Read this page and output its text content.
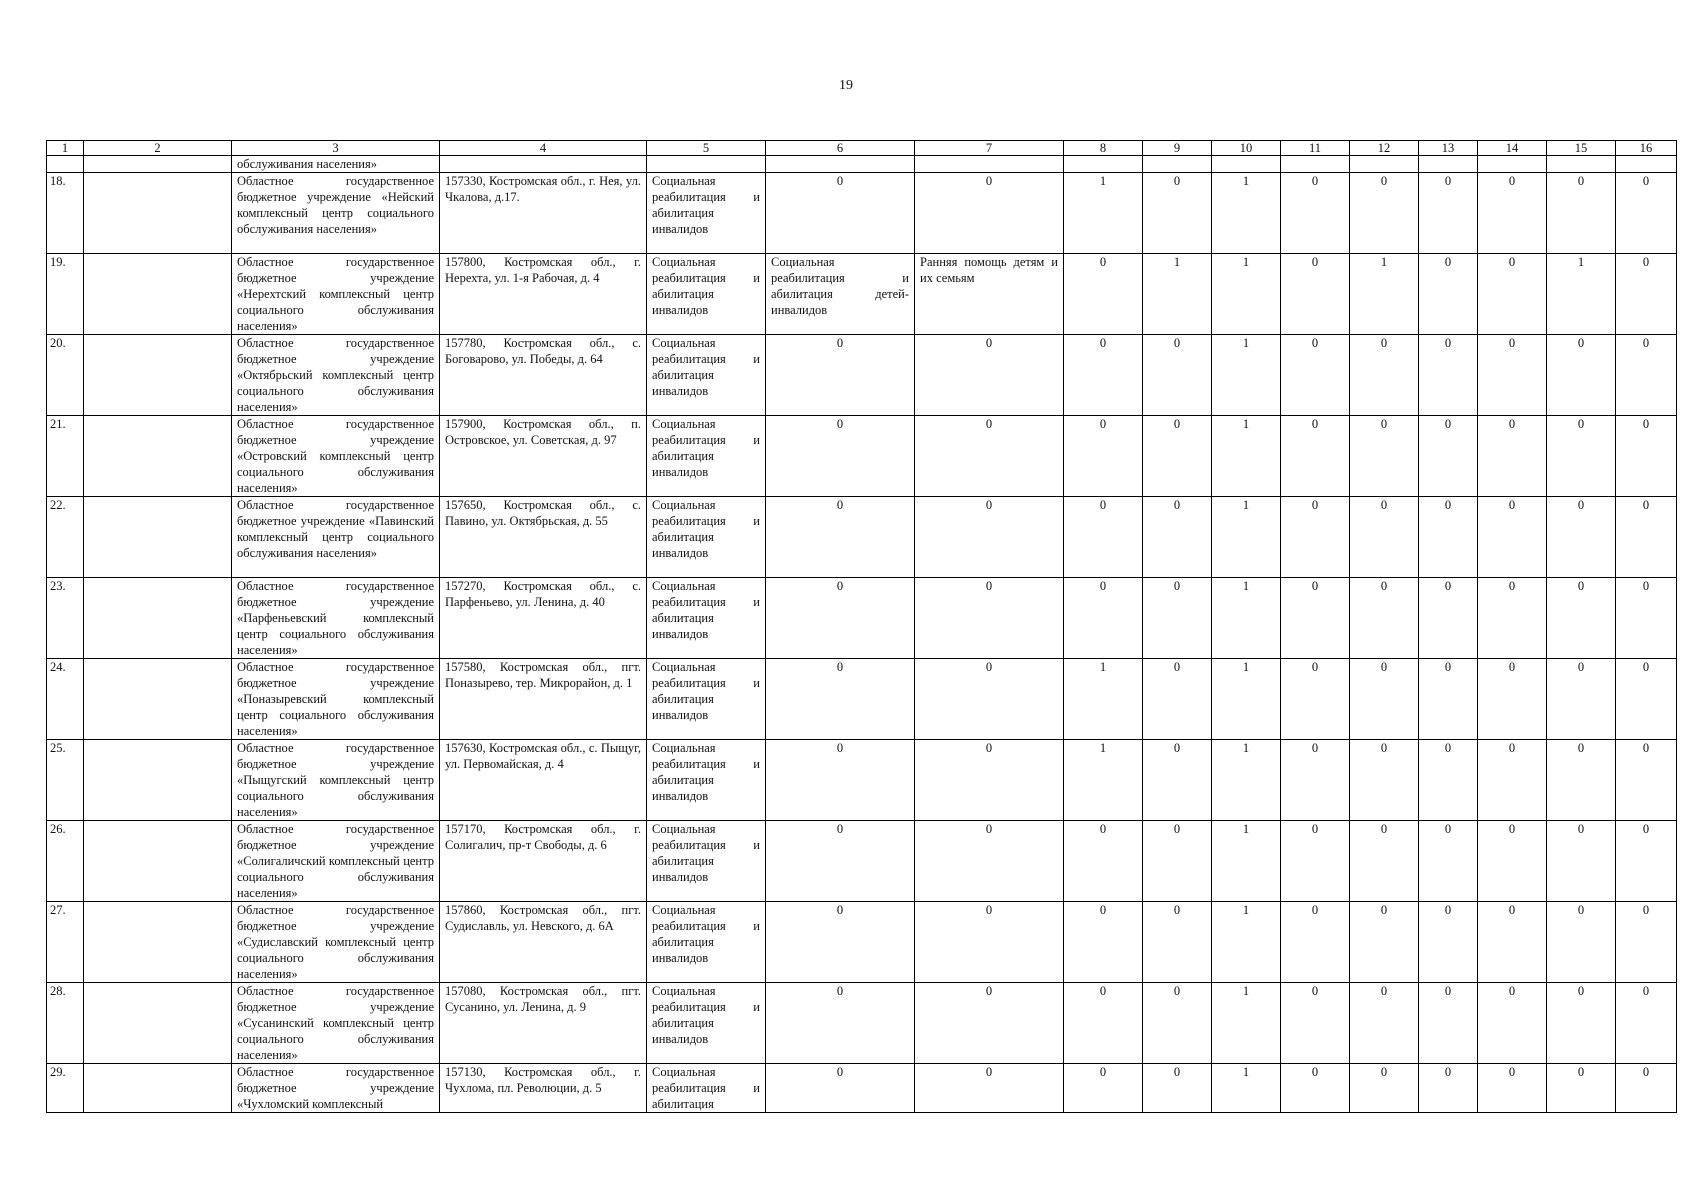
19
1	2	3	4	5	6	7	8	9	10	11	12	13	14	15	16
		обслуживания населения»													
18.		Областное государственное бюджетное учреждение «Нейский комплексный центр социального обслуживания населения»	157330, Костромская обл., г. Нея, ул. Чкалова, д.17.	Социальная реабилитация и абилитация инвалидов	0	0	1	0	1	0	0	0	0	0	0
19.		Областное государственное бюджетное учреждение «Нерехтский комплексный центр социального обслуживания населения»	157800, Костромская обл., г. Нерехта, ул. 1-я Рабочая, д. 4	Социальная реабилитация и абилитация инвалидов	Социальная реабилитация и абилитация детей-инвалидов	Ранняя помощь детям и их семьям	0	1	1	0	1	0	0	1	0
20.		Областное государственное бюджетное учреждение «Октябрьский комплексный центр социального обслуживания населения»	157780, Костромская обл., с. Боговарово, ул. Победы, д. 64	Социальная реабилитация и абилитация инвалидов	0	0	0	0	1	0	0	0	0	0	0
21.		Областное государственное бюджетное учреждение «Островский комплексный центр социального обслуживания населения»	157900, Костромская обл., п. Островское, ул. Советская, д. 97	Социальная реабилитация и абилитация инвалидов	0	0	0	0	1	0	0	0	0	0	0
22.		Областное государственное бюджетное учреждение «Павинский комплексный центр социального обслуживания населения»	157650, Костромская обл., с. Павино, ул. Октябрьская, д. 55	Социальная реабилитация и абилитация инвалидов	0	0	0	0	1	0	0	0	0	0	0
23.		Областное государственное бюджетное учреждение «Парфеньевский комплексный центр социального обслуживания населения»	157270, Костромская обл., с. Парфеньево, ул. Ленина, д. 40	Социальная реабилитация и абилитация инвалидов	0	0	0	0	1	0	0	0	0	0	0
24.		Областное государственное бюджетное учреждение «Поназыревский комплексный центр социального обслуживания населения»	157580, Костромская обл., пгт. Поназырево, тер. Микрорайон, д. 1	Социальная реабилитация и абилитация инвалидов	0	0	1	0	1	0	0	0	0	0	0
25.		Областное государственное бюджетное учреждение «Пыщугский комплексный центр социального обслуживания населения»	157630, Костромская обл., с. Пыщуг, ул. Первомайская, д. 4	Социальная реабилитация и абилитация инвалидов	0	0	1	0	1	0	0	0	0	0	0
26.		Областное государственное бюджетное учреждение «Солигаличский комплексный центр социального обслуживания населения»	157170, Костромская обл., г. Солигалич, пр-т Свободы, д. 6	Социальная реабилитация и абилитация инвалидов	0	0	0	0	1	0	0	0	0	0	0
27.		Областное государственное бюджетное учреждение «Судиславский комплексный центр социального обслуживания населения»	157860, Костромская обл., пгт. Судиславль, ул. Невского, д. 6А	Социальная реабилитация и абилитация инвалидов	0	0	0	0	1	0	0	0	0	0	0
28.		Областное государственное бюджетное учреждение «Сусанинский комплексный центр социального обслуживания населения»	157080, Костромская обл., пгт. Сусанино, ул. Ленина, д. 9	Социальная реабилитация и абилитация инвалидов	0	0	0	0	1	0	0	0	0	0	0
29.		Областное государственное бюджетное учреждение «Чухломский комплексный	157130, Костромская обл., г. Чухлома, пл. Революции, д. 5	Социальная реабилитация и абилитация	0	0	0	0	1	0	0	0	0	0	0
